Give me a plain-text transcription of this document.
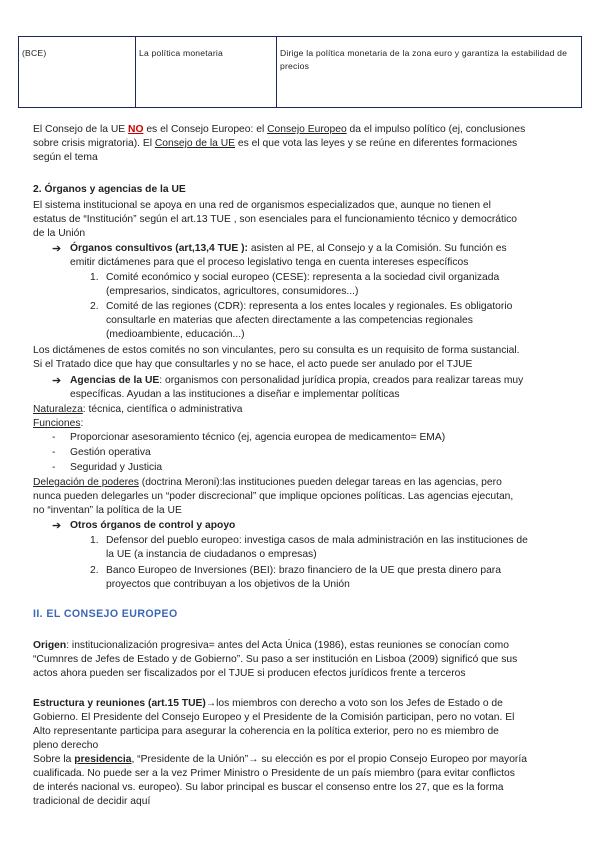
(BCE)	La política monetaria	Dirige la política monetaria de la zona euro y garantiza la estabilidad de precios
El Consejo de la UE NO es el Consejo Europeo: el Consejo Europeo da el impulso político (ej, conclusiones
sobre crisis migratoria). El Consejo de la UE es el que vota las leyes y se reúne en diferentes formaciones
según el tema
2. Órganos y agencias de la UE
El sistema institucional se apoya en una red de organismos especializados que, aunque no tienen el
estatus de “Institución” según el art.13 TUE , son esenciales para el funcionamiento técnico y democrático
de la Unión
➔ Órganos consultivos (art,13,4 TUE ): asisten al PE, al Consejo y a la Comisión. Su función es
emitir dictámenes para que el proceso legislativo tenga en cuenta intereses específicos
1. Comité económico y social europeo (CESE): representa a la sociedad civil organizada
(empresarios, sindicatos, agricultores, consumidores...)
2. Comité de las regiones (CDR): representa a los entes locales y regionales. Es obligatorio
consultarle en materias que afecten directamente a las competencias regionales
(medioambiente, educación...)
Los dictámenes de estos comités no son vinculantes, pero su consulta es un requisito de forma sustancial.
Si el Tratado dice que hay que consultarles y no se hace, el acto puede ser anulado por el TJUE
➔ Agencias de la UE: organismos con personalidad jurídica propia, creados para realizar tareas muy
específicas. Ayudan a las instituciones a diseñar e implementar políticas
Naturaleza: técnica, científica o administrativa
Funciones:
- Proporcionar asesoramiento técnico (ej, agencia europea de medicamento= EMA)
- Gestión operativa
- Seguridad y Justicia
Delegación de poderes (doctrina Meroni):las instituciones pueden delegar tareas en las agencias, pero
nunca pueden delegarles un “poder discrecional” que implique opciones políticas. Las agencias ejecutan,
no “inventan” la política de la UE
➔ Otros órganos de control y apoyo
1. Defensor del pueblo europeo: investiga casos de mala administración en las instituciones de
la UE (a instancia de ciudadanos o empresas)
2. Banco Europeo de Inversiones (BEI): brazo financiero de la UE que presta dinero para
proyectos que contribuyan a los objetivos de la Unión
II. EL CONSEJO EUROPEO
Origen: institucionalización progresiva= antes del Acta Única (1986), estas reuniones se conocían como
“Cumnres de Jefes de Estado y de Gobierno”. Su paso a ser institución en Lisboa (2009) significó que sus
actos ahora pueden ser fiscalizados por el TJUE si producen efectos jurídicos frente a terceros
Estructura y reuniones (art.15 TUE)→los miembros con derecho a voto son los Jefes de Estado o de
Gobierno. El Presidente del Consejo Europeo y el Presidente de la Comisión participan, pero no votan. El
Alto representante participa para asegurar la coherencia en la política exterior, pero no es miembro de
pleno derecho
Sobre la presidencia, “Presidente de la Unión”→ su elección es por el propio Consejo Europeo por mayoría
cualificada. No puede ser a la vez Primer Ministro o Presidente de un país miembro (para evitar conflictos
de interés nacional vs. europeo). Su labor principal es buscar el consenso entre los 27, que es la forma
tradicional de decidir aquí
